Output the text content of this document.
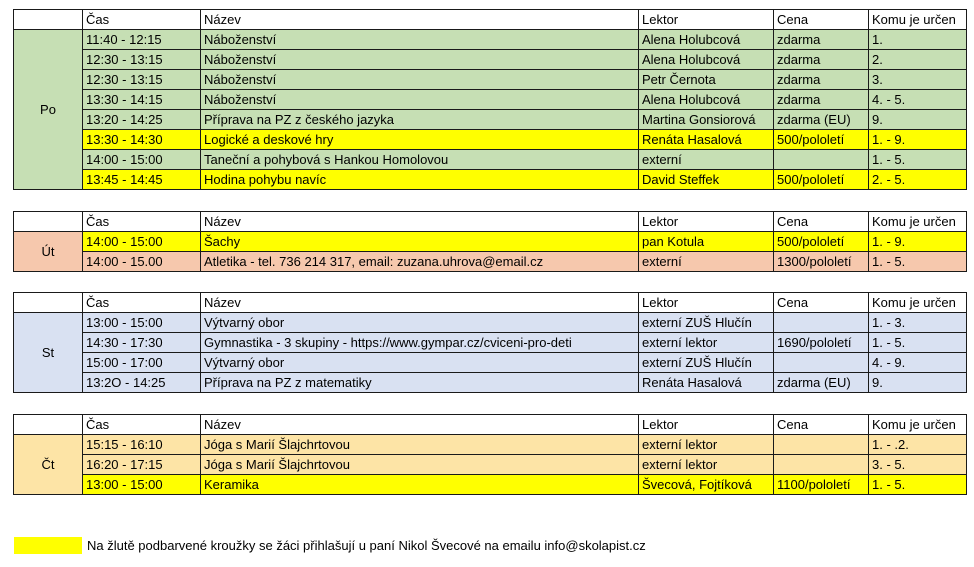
	Čas	Název	Lektor	Cena	Komu je určen
Po	11:40 - 12:15	Náboženství	Alena Holubcová	zdarma	1.
	12:30 - 13:15	Náboženství	Alena Holubcová	zdarma	2.
	12:30 - 13:15	Náboženství	Petr Černota	zdarma	3.
	13:30 - 14:15	Náboženství	Alena Holubcová	zdarma	4. - 5.
	13:20 - 14:25	Příprava na PZ z českého jazyka	Martina Gonsiorová	zdarma (EU)	9.
	13:30 - 14:30	Logické a deskové hry	Renáta Hasalová	500/pololetí	1. - 9.
	14:00 - 15:00	Taneční a pohybová s Hankou Homolovou	externí		1. - 5.
	13:45 - 14:45	Hodina pohybu navíc	David Steffek	500/pololetí	2. - 5.
	Čas	Název	Lektor	Cena	Komu je určen
Út	14:00 - 15:00	Šachy	pan Kotula	500/pololetí	1. - 9.
	14:00 - 15.00	Atletika - tel. 736 214 317, email: zuzana.uhrova@email.cz	externí	1300/pololetí	1. - 5.
	Čas	Název	Lektor	Cena	Komu je určen
St	13:00 - 15:00	Výtvarný obor	externí ZUŠ Hlučín		1. - 3.
	14:30 - 17:30	Gymnastika - 3 skupiny - https://www.gympar.cz/cviceni-pro-deti	externí lektor	1690/pololetí	1. - 5.
	15:00 - 17:00	Výtvarný obor	externí ZUŠ Hlučín		4. - 9.
	13:2O - 14:25	Příprava na PZ z matematiky	Renáta Hasalová	zdarma (EU)	9.
	Čas	Název	Lektor	Cena	Komu je určen
Čt	15:15 - 16:10	Jóga s Marií Šlajchrtovou	externí lektor		1. - .2.
	16:20 - 17:15	Jóga s Marií Šlajchrtovou	externí lektor		3. - 5.
	13:00 - 15:00	Keramika	Švecová, Fojtíková	1100/pololetí	1. - 5.
Na žlutě podbarvené kroužky se žáci přihlašují u paní Nikol Švecové na emailu info@skolapist.cz
